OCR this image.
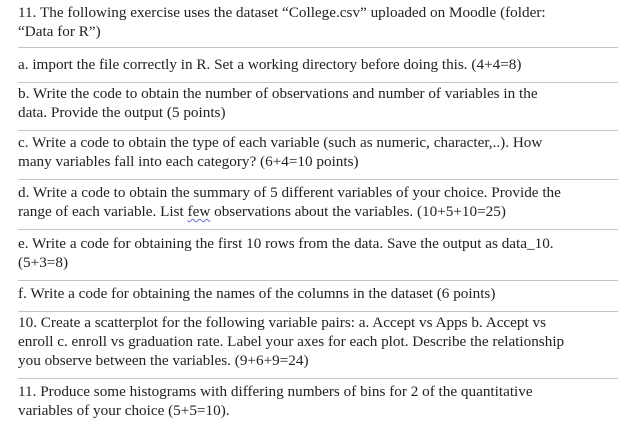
11. The following exercise uses the dataset “College.csv” uploaded on Moodle (folder:
“Data for R”)
a. import the file correctly in R. Set a working directory before doing this. (4+4=8)
b. Write the code to obtain the number of observations and number of variables in the
data. Provide the output (5 points)
c. Write a code to obtain the type of each variable (such as numeric, character,..). How
many variables fall into each category? (6+4=10 points)
d. Write a code to obtain the summary of 5 different variables of your choice. Provide the
range of each variable. List few observations about the variables. (10+5+10=25)
e. Write a code for obtaining the first 10 rows from the data. Save the output as data_10.
(5+3=8)
f. Write a code for obtaining the names of the columns in the dataset (6 points)
10. Create a scatterplot for the following variable pairs: a. Accept vs Apps b. Accept vs
enroll c. enroll vs graduation rate. Label your axes for each plot. Describe the relationship
you observe between the variables. (9+6+9=24)
11. Produce some histograms with differing numbers of bins for 2 of the quantitative
variables of your choice (5+5=10).
